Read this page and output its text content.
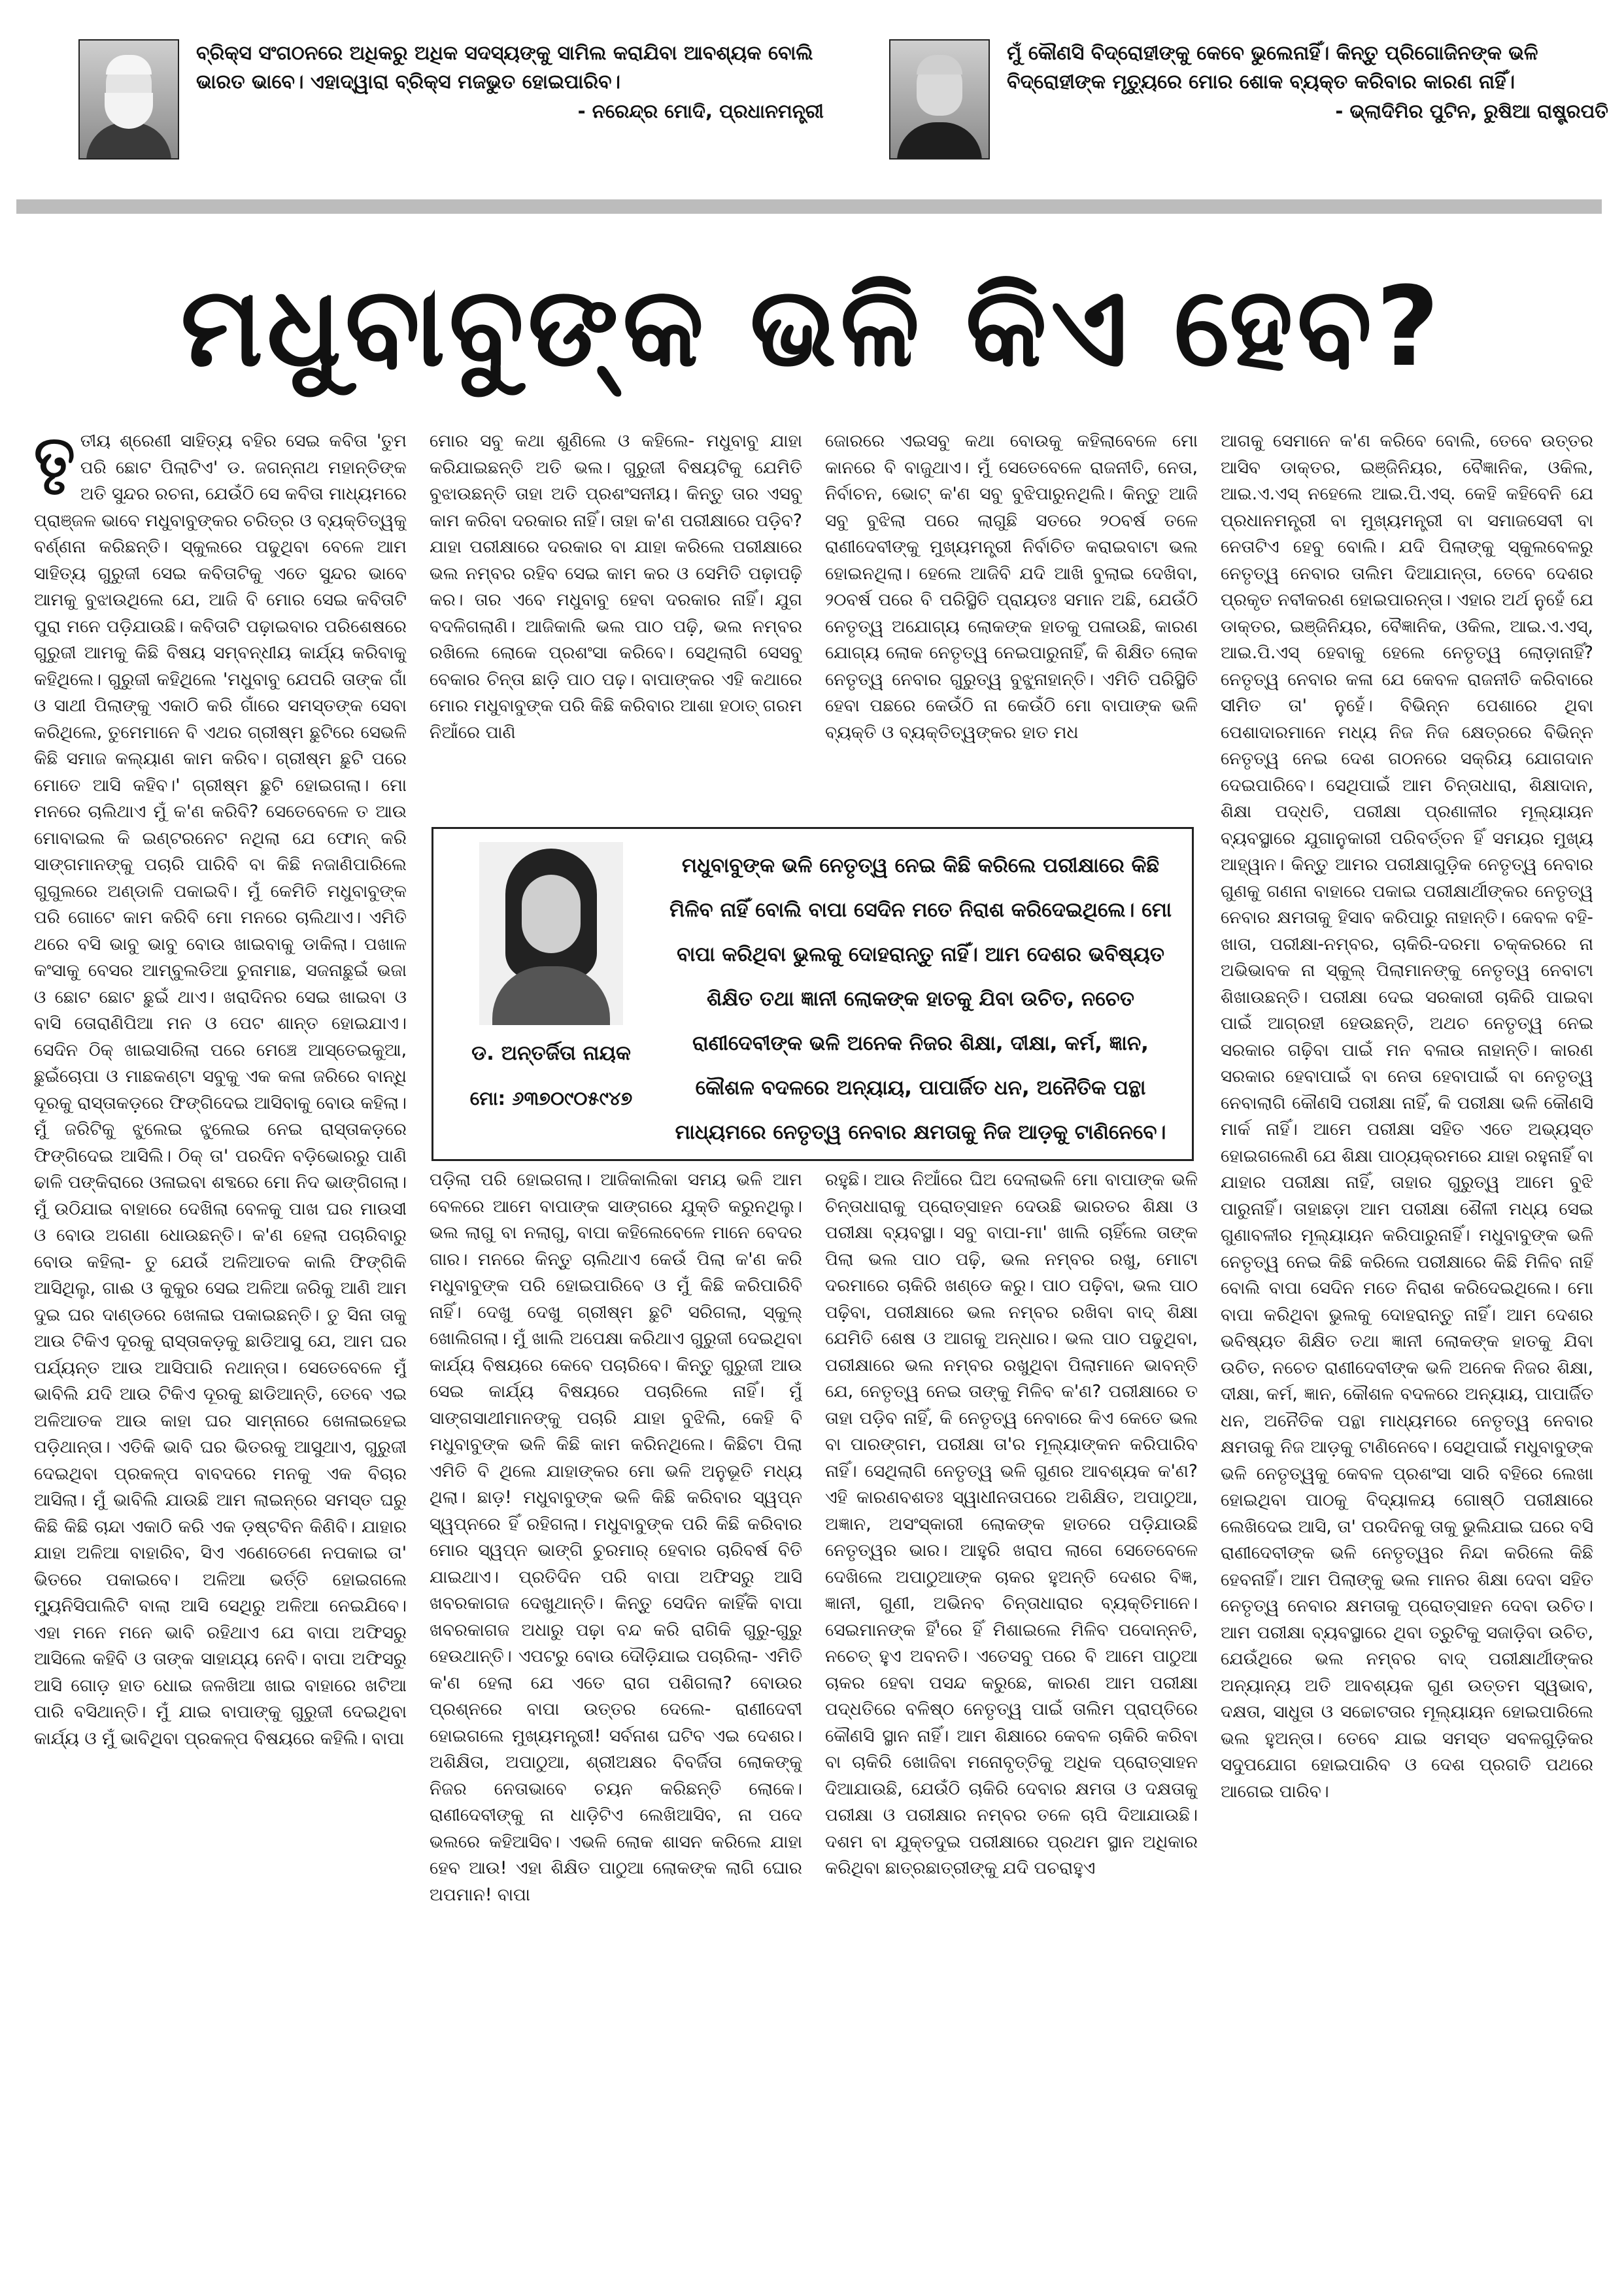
ବ୍ରିକ୍ସ ସଂଗଠନରେ ଅଧିକରୁ ଅଧିକ ସଦସ୍ୟଙ୍କୁ ସାମିଲ କରାଯିବା ଆବଶ୍ୟକ ବୋଲି ଭାରତ ଭାବେ। ଏହାଦ୍ୱାରା ବ୍ରିକ୍ସ ମଜଭୁତ ହୋଇପାରିବ।
- ନରେନ୍ଦ୍ର ମୋଦି, ପ୍ରଧାନମନ୍ତ୍ରୀ
ମୁଁ କୌଣସି ବିଦ୍ରୋହୀଙ୍କୁ କେବେ ଭୁଲେନାହିଁ। କିନ୍ତୁ ପ୍ରିଗୋଜିନଙ୍କ ଭଳି ବିଦ୍ରୋହୀଙ୍କ ମୃତ୍ୟୁରେ ମୋର ଶୋକ ବ୍ୟକ୍ତ କରିବାର କାରଣ ନାହିଁ।
- ଭ୍ଲାଦିମିର ପୁଟିନ, ରୁଷିଆ ରାଷ୍ଟ୍ରପତି
ମଧୁବାବୁଙ୍କ ଭଳି କିଏ ହେବ?
ତୃ ତୀୟ ଶ୍ରେଣୀ ସାହିତ୍ୟ ବହିର ସେଇ କବିତା 'ତୁମ ପରି ଛୋଟ ପିଲାଟିଏ' ଡ. ଜଗନ୍ନାଥ ମହାନ୍ତିଙ୍କ ଅତି ସୁନ୍ଦର ରଚନା, ଯେଉଁଠି ସେ କବିତା ମାଧ୍ୟମରେ ପ୍ରାଞ୍ଜଳ ଭାବେ ମଧୁବାବୁଙ୍କର ଚରିତ୍ର ଓ ବ୍ୟକ୍ତିତ୍ୱକୁ ବର୍ଣ୍ଣନା କରିଛନ୍ତି। ସ୍କୁଲରେ ପଢୁଥିବା ବେଳେ ଆମ ସାହିତ୍ୟ ଗୁରୁଜୀ ସେଇ କବିତାଟିକୁ ଏତେ ସୁନ୍ଦର ଭାବେ ଆମକୁ ବୁଝାଉଥିଲେ ଯେ, ଆଜି ବି ମୋର ସେଇ କବିତାଟି ପୁରା ମନେ ପଡ଼ିଯାଉଛି। କବିତାଟି ପଢ଼ାଇବାର ପରିଶେଷରେ ଗୁରୁଜୀ ଆମକୁ କିଛି ବିଷୟ ସମ୍ବନ୍ଧୀୟ କାର୍ଯ୍ୟ କରିବାକୁ କହିଥିଲେ। ଗୁରୁଜୀ କହିଥିଲେ 'ମଧୁବାବୁ ଯେପରି ତାଙ୍କ ଗାଁ ଓ ସାଥୀ ପିଲାଙ୍କୁ ଏକାଠି କରି ଗାଁରେ ସମସ୍ତଙ୍କ ସେବା କରିଥିଲେ, ତୁମେମାନେ ବି ଏଥର ଗ୍ରୀଷ୍ମ ଛୁଟିରେ ସେଭଳି କିଛି ସମାଜ କଲ୍ୟାଣ କାମ କରିବ। ଗ୍ରୀଷ୍ମ ଛୁଟି ପରେ ମୋତେ ଆସି କହିବ।' ଗ୍ରୀଷ୍ମ ଛୁଟି ହୋଇଗଲା। ମୋ ମନରେ ଚାଲିଥାଏ ମୁଁ କ'ଣ କରିବି? ସେତେବେଳେ ତ ଆଉ ମୋବାଇଲ କି ଇଣ୍ଟରନେଟ ନଥିଲା ଯେ ଫୋନ୍ କରି ସାଙ୍ଗମାନଙ୍କୁ ପଚାରି ପାରିବି ବା କିଛି ନଜାଣିପାରିଲେ ଗୁଗୁଲରେ ଅଣ୍ଡାଳି ପକାଇବି। ମୁଁ କେମିତି ମଧୁବାବୁଙ୍କ ପରି ଗୋଟେ କାମ କରିବି ମୋ ମନରେ ଚାଲିଥାଏ। ଏମିତି ଥରେ ବସି ଭାବୁ ଭାବୁ ବୋଉ ଖାଇବାକୁ ଡାକିଲା। ପଖାଳ କଂସାକୁ ବେସର ଆମ୍ବୁଲଡିଆ ଚୁନାମାଛ, ସଜନାଛୁଇଁ ଭଜା ଓ ଛୋଟ ଛୋଟ ଛୁଇଁ ଥାଏ। ଖରାଦିନର ସେଇ ଖାଇବା ଓ ବାସି ତୋରାଣିପିଆ ମନ ଓ ପେଟ ଶାନ୍ତ ହୋଇଯାଏ। ସେଦିନ ଠିକ୍ ଖାଇସାରିଲା ପରେ ମେଞ୍ଚେ ଆସ୍ତେଇକୁଆ, ଛୁଇଁଚୋପା ଓ ମାଛକଣ୍ଟା ସବୁକୁ ଏକ କଳା ଜରିରେ ବାନ୍ଧି ଦୂରକୁ ରାସ୍ତାକଡ଼ରେ ଫିଙ୍ଗିଦେଇ ଆସିବାକୁ ବୋଉ କହିଲା। ମୁଁ ଜରିଟିକୁ ଝୁଲେଇ ଝୁଲେଇ ନେଇ ରାସ୍ତାକଡ଼ରେ ଫିଙ୍ଗିଦେଇ ଆସିଲି। ଠିକ୍ ତା' ପରଦିନ ବଡ଼ିଭୋରରୁ ପାଣି ଢାଳି ପଙ୍କିରାରେ ଓଳାଇବା ଶବ୍ଦରେ ମୋ ନିଦ ଭାଙ୍ଗିଗଲା। ମୁଁ ଉଠିଯାଇ ବାହାରେ ଦେଖିଲା ବେଳକୁ ପାଖ ଘର ମାଉସୀ ଓ ବୋଉ ଅଗଣା ଧୋଉଛନ୍ତି। କ'ଣ ହେଲା ପଚାରିବାରୁ ବୋଉ କହିଲା- ତୁ ଯେଉଁ ଅଳିଆତକ କାଲି ଫିଙ୍ଗିକି ଆସିଥିଲୁ, ଗାଈ ଓ କୁକୁର ସେଇ ଅଳିଆ ଜରିକୁ ଆଣି ଆମ ଦୁଇ ଘର ଦାଣ୍ଡରେ ଖେଳାଇ ପକାଇଛନ୍ତି। ତୁ ସିନା ତାକୁ ଆଉ ଟିକିଏ ଦୂରକୁ ରାସ୍ତାକଡ଼କୁ ଛାଡିଆସୁ ଯେ, ଆମ ଘର ପର୍ଯ୍ୟନ୍ତ ଆଉ ଆସିପାରି ନଥାନ୍ତା। ସେତେବେଳେ ମୁଁ ଭାବିଲି ଯଦି ଆଉ ଟିକିଏ ଦୂରକୁ ଛାଡିଆନ୍ତି, ତେବେ ଏଇ ଅଳିଆତକ ଆଉ କାହା ଘର ସାମ୍ନାରେ ଖେଳାଇହେଇ ପଡ଼ିଥାନ୍ତା। ଏତିକି ଭାବି ଘର ଭିତରକୁ ଆସୁଥାଏ, ଗୁରୁଜୀ ଦେଇଥିବା ପ୍ରକଳ୍ପ ବାବଦରେ ମନକୁ ଏକ ବିଚାର ଆସିଲା। ମୁଁ ଭାବିଲି ଯାଉଛି ଆମ ଲାଇନ୍‌ରେ ସମସ୍ତ ଘରୁ କିଛି କିଛି ଚାନ୍ଦା ଏକାଠି କରି ଏକ ଡ଼ଷ୍ଟବିନ କିଣିବି। ଯାହାର ଯାହା ଅଳିଆ ବାହାରିବ, ସିଏ ଏଣେତେଣେ ନପକାଇ ତା' ଭିତରେ ପକାଇବେ। ଅଳିଆ ଭର୍ତ୍ତି ହୋଇଗଲେ ମ୍ୟୁନିସିପାଲିଟି ବାଲା ଆସି ସେଥିରୁ ଅଳିଆ ନେଇଯିବେ। ଏହା ମନେ ମନେ ଭାବି ରହିଥାଏ ଯେ ବାପା ଅଫିସରୁ ଆସିଲେ କହିବି ଓ ତାଙ୍କ ସାହାଯ୍ୟ ନେବି। ବାପା ଅଫିସରୁ ଆସି ଗୋଡ଼ ହାତ ଧୋଇ ଜଳଖିଆ ଖାଇ ବାହାରେ ଖଟିଆ ପାରି ବସିଥାନ୍ତି। ମୁଁ ଯାଇ ବାପାଙ୍କୁ ଗୁରୁଜୀ ଦେଇଥିବା କାର୍ଯ୍ୟ ଓ ମୁଁ ଭାବିଥିବା ପ୍ରକଳ୍ପ ବିଷୟରେ କହିଲି। ବାପା
ମୋର ସବୁ କଥା ଶୁଣିଲେ ଓ କହିଲେ- ମଧୁବାବୁ ଯାହା କରିଯାଇଛନ୍ତି ଅତି ଭଲ। ଗୁରୁଜୀ ବିଷୟଟିକୁ ଯେମିତି ବୁଝାଉଛନ୍ତି ତାହା ଅତି ପ୍ରଶଂସନୀୟ। କିନ୍ତୁ ତାର ଏସବୁ କାମ କରିବା ଦରକାର ନାହିଁ। ତାହା କ'ଣ ପରୀକ୍ଷାରେ ପଡ଼ିବ? ଯାହା ପରୀକ୍ଷାରେ ଦରକାର ବା ଯାହା କରିଲେ ପରୀକ୍ଷାରେ ଭଲ ନମ୍ବର ରହିବ ସେଇ କାମ କର ଓ ସେମିତି ପଢ଼ାପଢ଼ି କର। ତାର ଏବେ ମଧୁବାବୁ ହେବା ଦରକାର ନାହିଁ। ଯୁଗ ବଦଳିଗଲାଣି। ଆଜିକାଲି ଭଲ ପାଠ ପଢ଼ି, ଭଲ ନମ୍ବର ରଖିଲେ ଲୋକେ ପ୍ରଶଂସା କରିବେ। ସେଥିଲାଗି ସେସବୁ ବେକାର ଚିନ୍ତା ଛାଡ଼ି ପାଠ ପଢ଼। ବାପାଙ୍କର ଏହି କଥାରେ ମୋର ମଧୁବାବୁଙ୍କ ପରି କିଛି କରିବାର ଆଶା ହଠାତ୍ ଗରମ ନିଆଁରେ ପାଣି
ଜୋରରେ ଏଇସବୁ କଥା ବୋଉକୁ କହିଲାବେଳେ ମୋ କାନରେ ବି ବାଜୁଥାଏ। ମୁଁ ସେତେବେଳେ ରାଜନୀତି, ନେତା, ନିର୍ବାଚନ, ଭୋଟ୍ କ'ଣ ସବୁ ବୁଝିପାରୁନଥିଲି। କିନ୍ତୁ ଆଜି ସବୁ ବୁଝିଲା ପରେ ଲାଗୁଛି ସତରେ ୨୦ବର୍ଷ ତଳେ ରାଣୀଦେବୀଙ୍କୁ ମୁଖ୍ୟମନ୍ତ୍ରୀ ନିର୍ବାଚିତ କରାଇବାଟା ଭଲ ହୋଇନଥିଲା। ହେଲେ ଆଜିବି ଯଦି ଆଖି ବୁଲାଇ ଦେଖିବା, ୨୦ବର୍ଷ ପରେ ବି ପରିସ୍ଥିତି ପ୍ରାୟତଃ ସମାନ ଅଛି, ଯେଉଁଠି ନେତୃତ୍ୱ ଅଯୋଗ୍ୟ ଲୋକଙ୍କ ହାତକୁ ପଳାଉଛି, କାରଣ ଯୋଗ୍ୟ ଲୋକ ନେତୃତ୍ୱ ନେଇପାରୁନାହିଁ, କି ଶିକ୍ଷିତ ଲୋକ ନେତୃତ୍ୱ ନେବାର ଗୁରୁତ୍ୱ ବୁଝୁନାହାନ୍ତି। ଏମିତି ପରିସ୍ଥିତି ହେବା ପଛରେ କେଉଁଠି ନା କେଉଁଠି ମୋ ବାପାଙ୍କ ଭଳି ବ୍ୟକ୍ତି ଓ ବ୍ୟକ୍ତିତ୍ୱଙ୍କର ହାତ ମଧ
ପଡ଼ିଲା ପରି ହୋଇଗଲା। ଆଜିକାଲିକା ସମୟ ଭଳି ଆମ ବେଳରେ ଆମେ ବାପାଙ୍କ ସାଙ୍ଗରେ ଯୁକ୍ତି କରୁନଥିଲୁ। ଭଲ ଲାଗୁ ବା ନଲାଗୁ, ବାପା କହିଲେବେଳେ ମାନେ ବେଦର ଗାର। ମନରେ କିନ୍ତୁ ଚାଲିଥାଏ କେଉଁ ପିଲା କ'ଣ କରି ମଧୁବାବୁଙ୍କ ପରି ହୋଇପାରିବେ ଓ ମୁଁ କିଛି କରିପାରିବି ନାହିଁ। ଦେଖୁ ଦେଖୁ ଗ୍ରୀଷ୍ମ ଛୁଟି ସରିଗଲା, ସ୍କୁଲ୍ ଖୋଲିଗଲା। ମୁଁ ଖାଲି ଅପେକ୍ଷା କରିଥାଏ ଗୁରୁଜୀ ଦେଇଥିବା କାର୍ଯ୍ୟ ବିଷୟରେ କେବେ ପଚାରିବେ। କିନ୍ତୁ ଗୁରୁଜୀ ଆଉ ସେଇ କାର୍ଯ୍ୟ ବିଷୟରେ ପଚାରିଲେ ନାହିଁ। ମୁଁ ସାଙ୍ଗସାଥୀମାନଙ୍କୁ ପଚାରି ଯାହା ବୁଝିଲି, କେହି ବି ମଧୁବାବୁଙ୍କ ଭଳି କିଛି କାମ କରିନଥିଲେ। କିଛିଟା ପିଲା ଏମିତି ବି ଥିଲେ ଯାହାଙ୍କର ମୋ ଭଳି ଅନୁଭୂତି ମଧ୍ୟ ଥିଲା। ଛାଡ଼! ମଧୁବାବୁଙ୍କ ଭଳି କିଛି କରିବାର ସ୍ୱପ୍ନ ସ୍ୱପ୍ନରେ ହିଁ ରହିଗଲା। ମଧୁବାବୁଙ୍କ ପରି କିଛି କରିବାର ମୋର ସ୍ୱପ୍ନ ଭାଙ୍ଗି ଚୁରମାର୍ ହେବାର ଚାରିବର୍ଷ ବିତି ଯାଇଥାଏ। ପ୍ରତିଦିନ ପରି ବାପା ଅଫିସରୁ ଆସି ଖବରକାଗଜ ଦେଖୁଥାନ୍ତି। କିନ୍ତୁ ସେଦିନ କାହିଁକି ବାପା ଖବରକାଗଜ ଅଧାରୁ ପଢ଼ା ବନ୍ଦ କରି ରାଗିକି ଗୁରୁ-ଗୁରୁ ହେଉଥାନ୍ତି। ଏପଟରୁ ବୋଉ ଦୌଡ଼ିଯାଇ ପଚାରିଲା- ଏମିତି କ'ଣ ହେଲା ଯେ ଏତେ ରାଗ ପଶିଗଲା? ବୋଉର ପ୍ରଶ୍ନରେ ବାପା ଉତ୍ତର ଦେଲେ- ରାଣୀଦେବୀ ହୋଇଗଲେ ମୁଖ୍ୟମନ୍ତ୍ରୀ! ସର୍ବନାଶ ଘଟିବ ଏଇ ଦେଶର। ଅଶିକ୍ଷିତା, ଅପାଠୁଆ, ଶ୍ରୀଅକ୍ଷର ବିବର୍ଜିତା ଲୋକଙ୍କୁ ନିଜର ନେତାଭାବେ ଚୟନ କରିଛନ୍ତି ଲୋକେ। ରାଣୀଦେବୀଙ୍କୁ ନା ଧାଡ଼ିଟିଏ ଲେଖିଆସିବ, ନା ପଦେ ଭଲରେ କହିଆସିବ। ଏଭଳି ଲୋକ ଶାସନ କରିଲେ ଯାହା ହେବ ଆଉ! ଏହା ଶିକ୍ଷିତ ପାଠୁଆ ଲୋକଙ୍କ ଲାଗି ଘୋର ଅପମାନ! ବାପା
ରହୁଛି। ଆଉ ନିଆଁରେ ଘିଅ ଦେଲାଭଳି ମୋ ବାପାଙ୍କ ଭଳି ଚିନ୍ତାଧାରାକୁ ପ୍ରୋତ୍ସାହନ ଦେଉଛି ଭାରତର ଶିକ୍ଷା ଓ ପରୀକ୍ଷା ବ୍ୟବସ୍ଥା। ସବୁ ବାପା-ମା' ଖାଲି ଚାହିଁଲେ ତାଙ୍କ ପିଲା ଭଲ ପାଠ ପଢ଼ି, ଭଲ ନମ୍ବର ରଖୁ, ମୋଟା ଦରମାରେ ଚାକିରି ଖଣ୍ଡେ କରୁ। ପାଠ ପଢ଼ିବା, ଭଲ ପାଠ ପଢ଼ିବା, ପରୀକ୍ଷାରେ ଭଲ ନମ୍ବର ରଖିବା ବାଦ୍ ଶିକ୍ଷା ଯେମିତି ଶେଷ ଓ ଆଗକୁ ଅନ୍ଧାର। ଭଲ ପାଠ ପଢୁଥିବା, ପରୀକ୍ଷାରେ ଭଲ ନମ୍ବର ରଖୁଥିବା ପିଲାମାନେ ଭାବନ୍ତି ଯେ, ନେତୃତ୍ୱ ନେଇ ତାଙ୍କୁ ମିଳିବ କ'ଣ? ପରୀକ୍ଷାରେ ତ ତାହା ପଡ଼ିବ ନାହିଁ, କି ନେତୃତ୍ୱ ନେବାରେ କିଏ କେତେ ଭଲ ବା ପାରଙ୍ଗମ, ପରୀକ୍ଷା ତା'ର ମୂଲ୍ୟାଙ୍କନ କରିପାରିବ ନାହିଁ। ସେଥିଲାଗି ନେତୃତ୍ୱ ଭଳି ଗୁଣର ଆବଶ୍ୟକ କ'ଣ? ଏହି କାରଣବଶତଃ ସ୍ୱାଧୀନତାପରେ ଅଶିକ୍ଷିତ, ଅପାଠୁଆ, ଅଜ୍ଞାନ, ଅସଂସ୍କାରୀ ଲୋକଙ୍କ ହାତରେ ପଡ଼ିଯାଉଛି ନେତୃତ୍ୱର ଭାର। ଆହୁରି ଖରାପ ଲାଗେ ସେତେବେଳେ ଦେଖିଲେ ଅପାଠୁଆଙ୍କ ଚାକର ହୁଅନ୍ତି ଦେଶର ବିଜ୍ଞ, ଜ୍ଞାନୀ, ଗୁଣୀ, ଅଭିନବ ଚିନ୍ତାଧାରାର ବ୍ୟକ୍ତିମାନେ। ସେଇମାନଙ୍କ ହିଁ'ରେ ହିଁ ମିଶାଇଲେ ମିଳିବ ପଦୋନ୍ନତି, ନଚେତ୍ ହୁଏ ଅବନତି। ଏତେସବୁ ପରେ ବି ଆମେ ପାଠୁଆ ଚାକର ହେବା ପସନ୍ଦ କରୁଛେ, କାରଣ ଆମ ପରୀକ୍ଷା ପଦ୍ଧତିରେ ବଳିଷ୍ଠ ନେତୃତ୍ୱ ପାଇଁ ତାଲିମ ପ୍ରାପ୍ତିରେ କୌଣସି ସ୍ଥାନ ନାହିଁ। ଆମ ଶିକ୍ଷାରେ କେବଳ ଚାକିରି କରିବା ବା ଚାକିରି ଖୋଜିବା ମନୋବୃତ୍ତିକୁ ଅଧିକ ପ୍ରୋତ୍ସାହନ ଦିଆଯାଉଛି, ଯେଉଁଠି ଚାକିରି ଦେବାର କ୍ଷମତା ଓ ଦକ୍ଷତାକୁ ପରୀକ୍ଷା ଓ ପରୀକ୍ଷାର ନମ୍ବର ତଳେ ଚାପି ଦିଆଯାଉଛି। ଦଶମ ବା ଯୁକ୍ତଦୁଇ ପରୀକ୍ଷାରେ ପ୍ରଥମ ସ୍ଥାନ ଅଧିକାର କରିଥିବା ଛାତ୍ରଛାତ୍ରୀଙ୍କୁ ଯଦି ପଚରାହୁଏ
ଆଗକୁ ସେମାନେ କ'ଣ କରିବେ ବୋଲି, ତେବେ ଉତ୍ତର ଆସିବ ଡାକ୍ତର, ଇଞ୍ଜିନିୟର, ବୈଜ୍ଞାନିକ, ଓକିଲ, ଆଇ.ଏ.ଏସ୍ ନହେଲେ ଆଇ.ପି.ଏସ୍. କେହି କହିବେନି ଯେ ପ୍ରଧାନମନ୍ତ୍ରୀ ବା ମୁଖ୍ୟମନ୍ତ୍ରୀ ବା ସମାଜସେବୀ ବା ନେତାଟିଏ ହେବୁ ବୋଲି। ଯଦି ପିଲାଙ୍କୁ ସ୍କୁଲବେଳରୁ ନେତୃତ୍ୱ ନେବାର ତାଲିମ ଦିଆଯାନ୍ତା, ତେବେ ଦେଶର ପ୍ରକୃତ ନବୀକରଣ ହୋଇପାରନ୍ତା। ଏହାର ଅର୍ଥ ନୁହେଁ ଯେ ଡାକ୍ତର, ଇଞ୍ଜିନିୟର, ବୈଜ୍ଞାନିକ, ଓକିଲ, ଆଇ.ଏ.ଏସ୍, ଆଇ.ପି.ଏସ୍ ହେବାକୁ ହେଲେ ନେତୃତ୍ୱ ଲୋଡ଼ାନାହିଁ? ନେତୃତ୍ୱ ନେବାର କଳା ଯେ କେବଳ ରାଜନୀତି କରିବାରେ ସୀମିତ ତା' ନୁହେଁ। ବିଭିନ୍ନ ପେଶାରେ ଥିବା ପେଶାଦାରମାନେ ମଧ୍ୟ ନିଜ ନିଜ କ୍ଷେତ୍ରରେ ବିଭିନ୍ନ ନେତୃତ୍ୱ ନେଇ ଦେଶ ଗଠନରେ ସକ୍ରିୟ ଯୋଗଦାନ ଦେଇପାରିବେ। ସେଥିପାଇଁ ଆମ ଚିନ୍ତାଧାରା, ଶିକ୍ଷାଦାନ, ଶିକ୍ଷା ପଦ୍ଧତି, ପରୀକ୍ଷା ପ୍ରଣାଳୀର ମୂଲ୍ୟାୟନ ବ୍ୟବସ୍ଥାରେ ଯୁଗାନୁକାରୀ ପରିବର୍ତ୍ତନ ହିଁ ସମୟର ମୁଖ୍ୟ ଆହ୍ୱାନ। କିନ୍ତୁ ଆମର ପରୀକ୍ଷାଗୁଡ଼ିକ ନେତୃତ୍ୱ ନେବାର ଗୁଣକୁ ଗଣନା ବାହାରେ ପକାଇ ପରୀକ୍ଷାର୍ଥୀଙ୍କର ନେତୃତ୍ୱ ନେବାର କ୍ଷମତାକୁ ହିସାବ କରିପାରୁ ନାହାନ୍ତି। କେବଳ ବହି-ଖାତା, ପରୀକ୍ଷା-ନମ୍ବର, ଚାକିରି-ଦରମା ଚକ୍କରରେ ନା ଅଭିଭାବକ ନା ସ୍କୁଲ୍ ପିଲାମାନଙ୍କୁ ନେତୃତ୍ୱ ନେବାଟା ଶିଖାଉଛନ୍ତି। ପରୀକ୍ଷା ଦେଇ ସରକାରୀ ଚାକିରି ପାଇବା ପାଇଁ ଆଗ୍ରହୀ ହେଉଛନ୍ତି, ଅଥଚ ନେତୃତ୍ୱ ନେଇ ସରକାର ଗଢ଼ିବା ପାଇଁ ମନ ବଳାଉ ନାହାନ୍ତି। କାରଣ ସରକାର ହେବାପାଇଁ ବା ନେତା ହେବାପାଇଁ ବା ନେତୃତ୍ୱ ନେବାଲାଗି କୌଣସି ପରୀକ୍ଷା ନାହିଁ, କି ପରୀକ୍ଷା ଭଳି କୌଣସି ମାର୍କ ନାହିଁ। ଆମେ ପରୀକ୍ଷା ସହିତ ଏତେ ଅଭ୍ୟସ୍ତ ହୋଇଗଲେଣି ଯେ ଶିକ୍ଷା ପାଠ୍ୟକ୍ରମରେ ଯାହା ରହୁନାହିଁ ବା ଯାହାର ପରୀକ୍ଷା ନାହିଁ, ତାହାର ଗୁରୁତ୍ୱ ଆମେ ବୁଝି ପାରୁନାହିଁ। ତାହାଛଡ଼ା ଆମ ପରୀକ୍ଷା ଶୈଳୀ ମଧ୍ୟ ସେଇ ଗୁଣାବଳୀର ମୂଲ୍ୟାୟନ କରିପାରୁନାହିଁ। ମଧୁବାବୁଙ୍କ ଭଳି ନେତୃତ୍ୱ ନେଇ କିଛି କରିଲେ ପରୀକ୍ଷାରେ କିଛି ମିଳିବ ନାହିଁ ବୋଲି ବାପା ସେଦିନ ମତେ ନିରାଶ କରିଦେଇଥିଲେ। ମୋ ବାପା କରିଥିବା ଭୁଲକୁ ଦୋହରାନ୍ତୁ ନାହିଁ। ଆମ ଦେଶର ଭବିଷ୍ୟତ ଶିକ୍ଷିତ ତଥା ଜ୍ଞାନୀ ଲୋକଙ୍କ ହାତକୁ ଯିବା ଉଚିତ, ନଚେତ ରାଣୀଦେବୀଙ୍କ ଭଳି ଅନେକ ନିଜର ଶିକ୍ଷା, ଦୀକ୍ଷା, କର୍ମ, ଜ୍ଞାନ, କୌଶଳ ବଦଳରେ ଅନ୍ୟାୟ, ପାପାର୍ଜିତ ଧନ, ଅନୈତିକ ପନ୍ଥା ମାଧ୍ୟମରେ ନେତୃତ୍ୱ ନେବାର କ୍ଷମତାକୁ ନିଜ ଆଡ଼କୁ ଟାଣିନେବେ। ସେଥିପାଇଁ ମଧୁବାବୁଙ୍କ ଭଳି ନେତୃତ୍ୱକୁ କେବଳ ପ୍ରଶଂସା ସାରି ବହିରେ ଲେଖା ହୋଇଥିବା ପାଠକୁ ବିଦ୍ୟାଳୟ ଗୋଷ୍ଠି ପରୀକ୍ଷାରେ ଲେଖିଦେଇ ଆସି, ତା' ପରଦିନକୁ ତାକୁ ଭୁଲିଯାଇ ଘରେ ବସି ରାଣୀଦେବୀଙ୍କ ଭଳି ନେତୃତ୍ୱର ନିନ୍ଦା କରିଲେ କିଛି ହେବନାହିଁ। ଆମ ପିଲାଙ୍କୁ ଭଲ ମାନର ଶିକ୍ଷା ଦେବା ସହିତ ନେତୃତ୍ୱ ନେବାର କ୍ଷମତାକୁ ପ୍ରୋତ୍ସାହନ ଦେବା ଉଚିତ। ଆମ ପରୀକ୍ଷା ବ୍ୟବସ୍ଥାରେ ଥିବା ତ୍ରୁଟିକୁ ସଜାଡ଼ିବା ଉଚିତ, ଯେଉଁଥିରେ ଭଲ ନମ୍ବର ବାଦ୍ ପରୀକ୍ଷାର୍ଥୀଙ୍କର ଅନ୍ୟାନ୍ୟ ଅତି ଆବଶ୍ୟକ ଗୁଣ ଉତ୍ତମ ସ୍ୱଭାବ, ଦକ୍ଷତା, ସାଧୁତା ଓ ସଚ୍ଚୋଟତାର ମୂଲ୍ୟାୟନ ହୋଇପାରିଲେ ଭଲ ହୁଅନ୍ତା। ତେବେ ଯାଇ ସମସ୍ତ ସବଳଗୁଡ଼ିକର ସଦୁପଯୋଗ ହୋଇପାରିବ ଓ ଦେଶ ପ୍ରଗତି ପଥରେ ଆଗେଇ ପାରିବ।
ଡ. ଅନ୍ତର୍ଜିତା ନାୟକ
ମୋ: ୬୩୭୦୯୦୫୯୪୭
ମଧୁବାବୁଙ୍କ ଭଳି ନେତୃତ୍ୱ ନେଇ କିଛି କରିଲେ ପରୀକ୍ଷାରେ କିଛି ମିଳିବ ନାହିଁ ବୋଲି ବାପା ସେଦିନ ମତେ ନିରାଶ କରିଦେଇଥିଲେ। ମୋ ବାପା କରିଥିବା ଭୁଲକୁ ଦୋହରାନ୍ତୁ ନାହିଁ। ଆମ ଦେଶର ଭବିଷ୍ୟତ ଶିକ୍ଷିତ ତଥା ଜ୍ଞାନୀ ଲୋକଙ୍କ ହାତକୁ ଯିବା ଉଚିତ, ନଚେତ ରାଣୀଦେବୀଙ୍କ ଭଳି ଅନେକ ନିଜର ଶିକ୍ଷା, ଦୀକ୍ଷା, କର୍ମ, ଜ୍ଞାନ, କୌଶଳ ବଦଳରେ ଅନ୍ୟାୟ, ପାପାର୍ଜିତ ଧନ, ଅନୈତିକ ପନ୍ଥା ମାଧ୍ୟମରେ ନେତୃତ୍ୱ ନେବାର କ୍ଷମତାକୁ ନିଜ ଆଡ଼କୁ ଟାଣିନେବେ।
